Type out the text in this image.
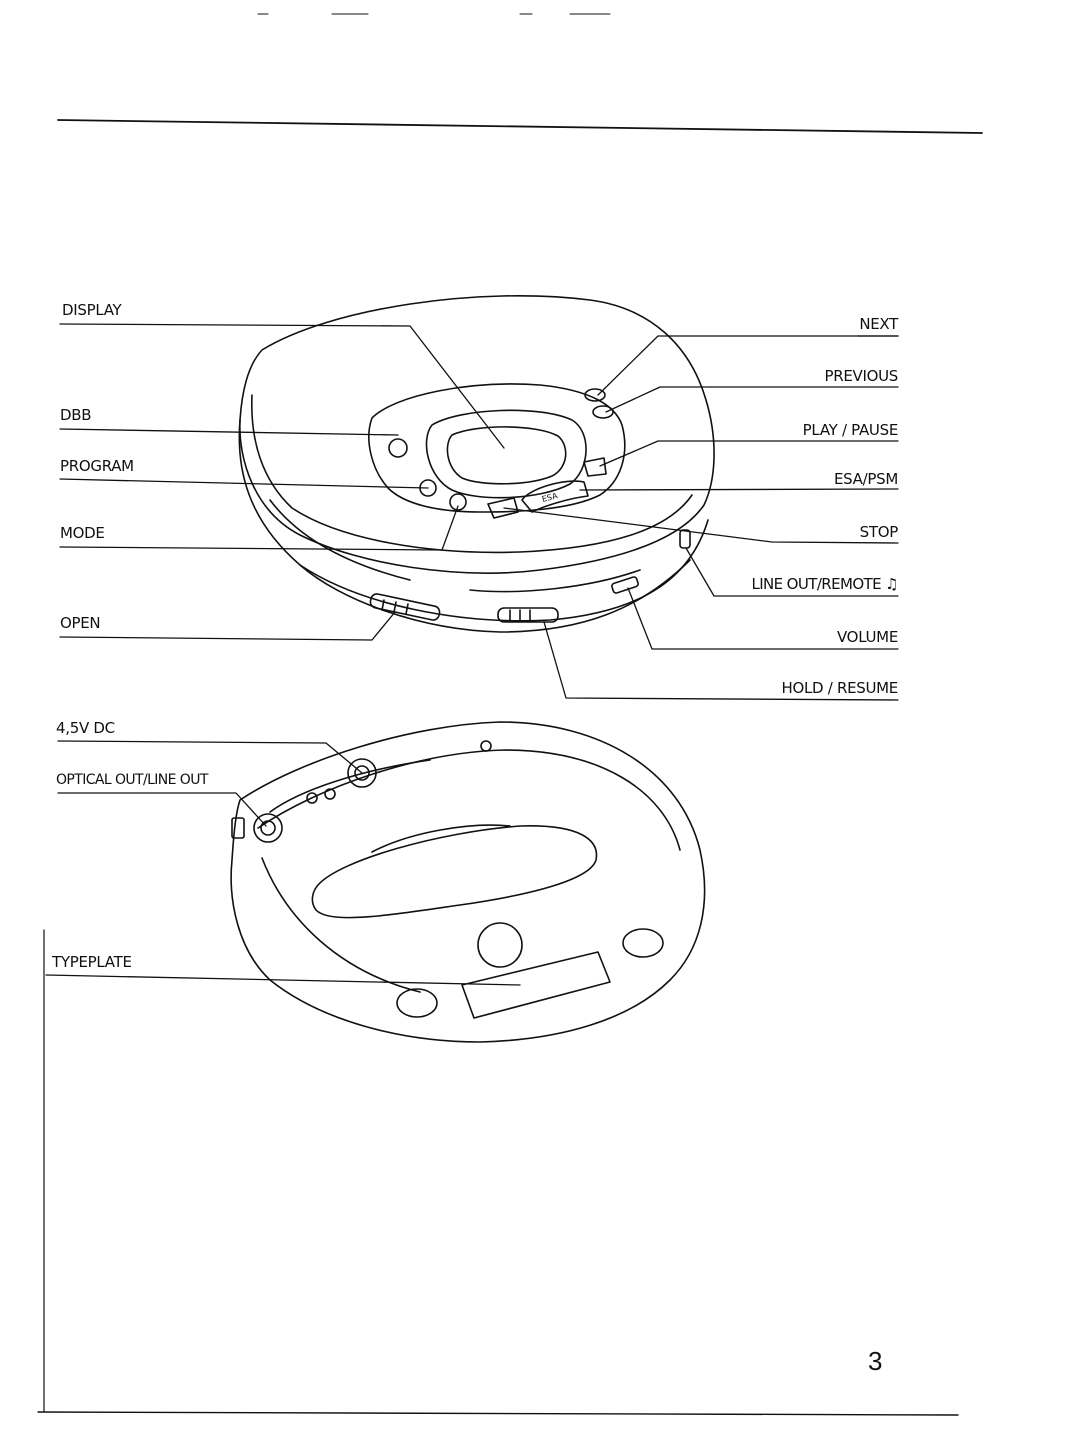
ESA
DISPLAY
DBB
PROGRAM
MODE
OPEN
4,5V DC
OPTICAL OUT/LINE OUT
TYPEPLATE
NEXT
PREVIOUS
PLAY / PAUSE
ESA/PSM
STOP
LINE OUT/REMOTE ♫
VOLUME
HOLD / RESUME
3
